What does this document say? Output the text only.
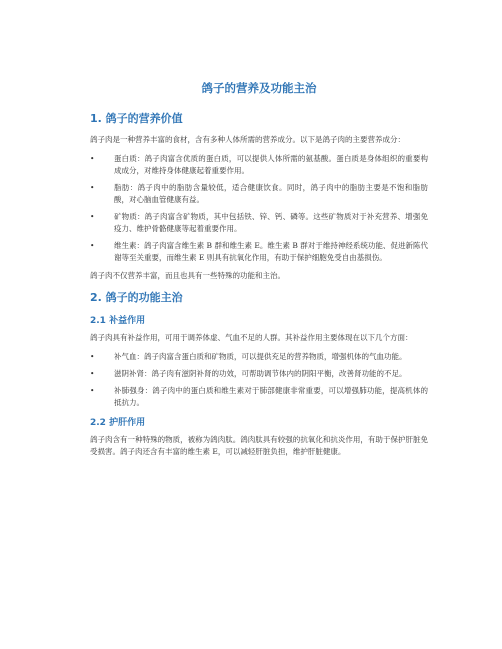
鸽子的营养及功能主治
1. 鸽子的营养价值

鸽子肉是一种营养丰富的食材，含有多种人体所需的营养成分。以下是鸽子肉的主要营养成分：

•	蛋白质：鸽子肉富含优质的蛋白质，可以提供人体所需的氨基酸。蛋白质是身体组织的重要构成成分，对维持身体健康起着重要作用。
•	脂肪：鸽子肉中的脂肪含量较低，适合健康饮食。同时，鸽子肉中的脂肪主要是不饱和脂肪酸，对心脑血管健康有益。
•	矿物质：鸽子肉富含矿物质，其中包括铁、锌、钙、磷等。这些矿物质对于补充营养、增强免疫力、维护骨骼健康等起着重要作用。
•	维生素：鸽子肉富含维生素 B 群和维生素 E。维生素 B 群对于维持神经系统功能、促进新陈代谢等至关重要，而维生素 E 则具有抗氧化作用，有助于保护细胞免受自由基损伤。

鸽子肉不仅营养丰富，而且也具有一些特殊的功能和主治。

2. 鸽子的功能主治
2.1 补益作用

鸽子肉具有补益作用，可用于调养体虚、气血不足的人群。其补益作用主要体现在以下几个方面：

•	补气血：鸽子肉富含蛋白质和矿物质，可以提供充足的营养物质，增强机体的气血功能。
•	滋阴补肾：鸽子肉有滋阴补肾的功效，可帮助调节体内的阴阳平衡，改善肾功能的不足。
•	补肺强身：鸽子肉中的蛋白质和维生素对于肺部健康非常重要，可以增强肺功能，提高机体的抵抗力。
2.2 护肝作用

鸽子肉含有一种特殊的物质，被称为鸽肉肽。鸽肉肽具有较强的抗氧化和抗炎作用，有助于保护肝脏免受损害。鸽子肉还含有丰富的维生素 E，可以减轻肝脏负担，维护肝脏健康。
